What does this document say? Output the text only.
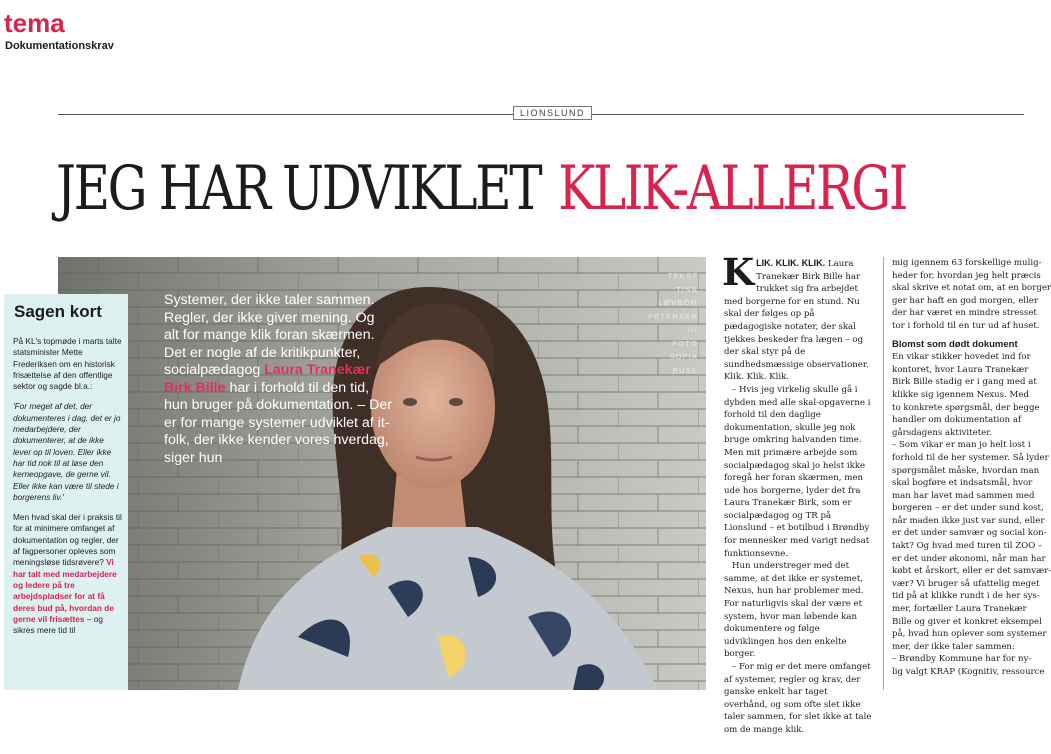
tema
Dokumentationskrav
LIONSLUND
JEG HAR UDVIKLET KLIK-ALLERGI
Systemer, der ikke taler sammen. Regler, der ikke giver mening. Og alt for mange klik foran skærmen. Det er nogle af de kritikpunkter, socialpædagog Laura Tranekær Birk Bille har i forhold til den tid, hun bruger på dokumentation. – Der er for mange systemer udviklet af it-folk, der ikke kender vores hverdag, siger hun
TEKST
TINA
LØVBOM
PETERSEN
///
FOTO
SOFIA
BUSK
Sagen kort

På KL's topmøde i marts talte statsminister Mette Frederiksen om en historisk frisættelse af den offentlige sektor og sagde bl.a.:

'For meget af det, der dokumenteres i dag, det er jo medarbejdere, der dokumenterer, at de ikke lever op til loven. Eller ikke har tid nok til at løse den kerneopgave, de gerne vil. Eller ikke kan være til stede i borgerens liv.'

Men hvad skal der i praksis til for at minimere omfanget af dokumentation og regler, der af fagpersoner opleves som meningsløse tidsrøvere? Vi har talt med medarbejdere og ledere på tre arbejdspladser for at få deres bud på, hvordan de gerne vil frisættes – og sikres mere tid til

KLIK. KLIK. KLIK. Laura Tranekær Birk Bille har trukket sig fra arbejdet med borgerne for en stund. Nu skal der følges op på pædagogiske notater, der skal tjekkes beskeder fra lægen – og der skal styr på de sundhedsmæssige observationer. Klik. Klik. Klik.

– Hvis jeg virkelig skulle gå i dybden med alle skal-opgaverne i forhold til den daglige dokumentation, skulle jeg nok bruge omkring halvanden time. Men mit primære arbejde som socialpædagog skal jo helst ikke foregå her foran skærmen, men ude hos borgerne, lyder det fra Laura Tranekær Birk, som er socialpædagog og TR på Lionslund – et botilbud i Brøndby for mennesker med varigt nedsat funktionsevne.

Hun understreger med det samme, at det ikke er systemet, Nexus, hun har problemer med. For naturligvis skal der være et system, hvor man løbende kan dokumentere og følge udviklingen hos den enkelte borger.

– For mig er det mere omfanget af systemer, regler og krav, der ganske enkelt har taget overhånd, og som ofte slet ikke taler sammen, for slet ikke at tale om de mange klik.

mig igennem 63 forskellige mulig-

heder for, hvordan jeg helt præcis

skal skrive et notat om, at en borger

ger har haft en god morgen, eller

der har været en mindre stresset

tor i forhold til en tur ud af huset.

Blomst som dødt dokument

En vikar stikker hovedet ind for

kontoret, hvor Laura Tranekær

Birk Bille stadig er i gang med at

klikke sig igennem Nexus. Med

to konkrete spørgsmål, der begge

handler om dokumentation af

gårsdagens aktiviteter.

– Som vikar er man jo helt lost i

forhold til de her systemer. Så lyder

spørgsmålet måske, hvordan man

skal bogføre et indsatsmål, hvor

man har lavet mad sammen med

borgeren – er det under sund kost,

når maden ikke just var sund, eller

er det under samvær og social kon-

takt? Og hvad med turen til ZOO –

er det under økonomi, når man har

købt et årskort, eller er det samvær-

vær? Vi bruger så ufattelig meget

tid på at klikke rundt i de her sys-

mer, fortæller Laura Tranekær

Bille og giver et konkret eksempel

på, hvad hun oplever som systemer

mer, der ikke taler sammen:

– Brøndby Kommune har for ny-

lig valgt KRAP (Kognitiv, ressource
